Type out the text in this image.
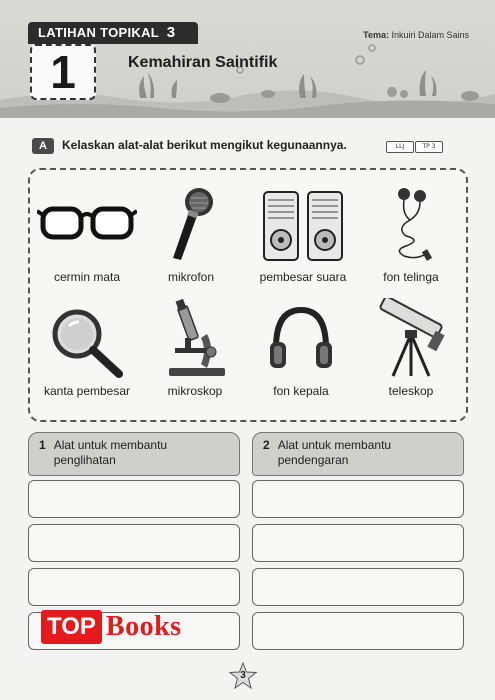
LATIHAN TOPIKAL 3
1	Kemahiran Saintifik
Tema: Inkuiri Dalam Sains
A	Kelaskan alat-alat berikut mengikut kegunaannya.	LLJ	TP 3
cermin mata	mikrofon	pembesar suara	fon telinga
kanta pembesar	mikroskop	fon kepala	teleskop
1 Alat untuk membantu penglihatan
2 Alat untuk membantu pendengaran
TOP Books
3
